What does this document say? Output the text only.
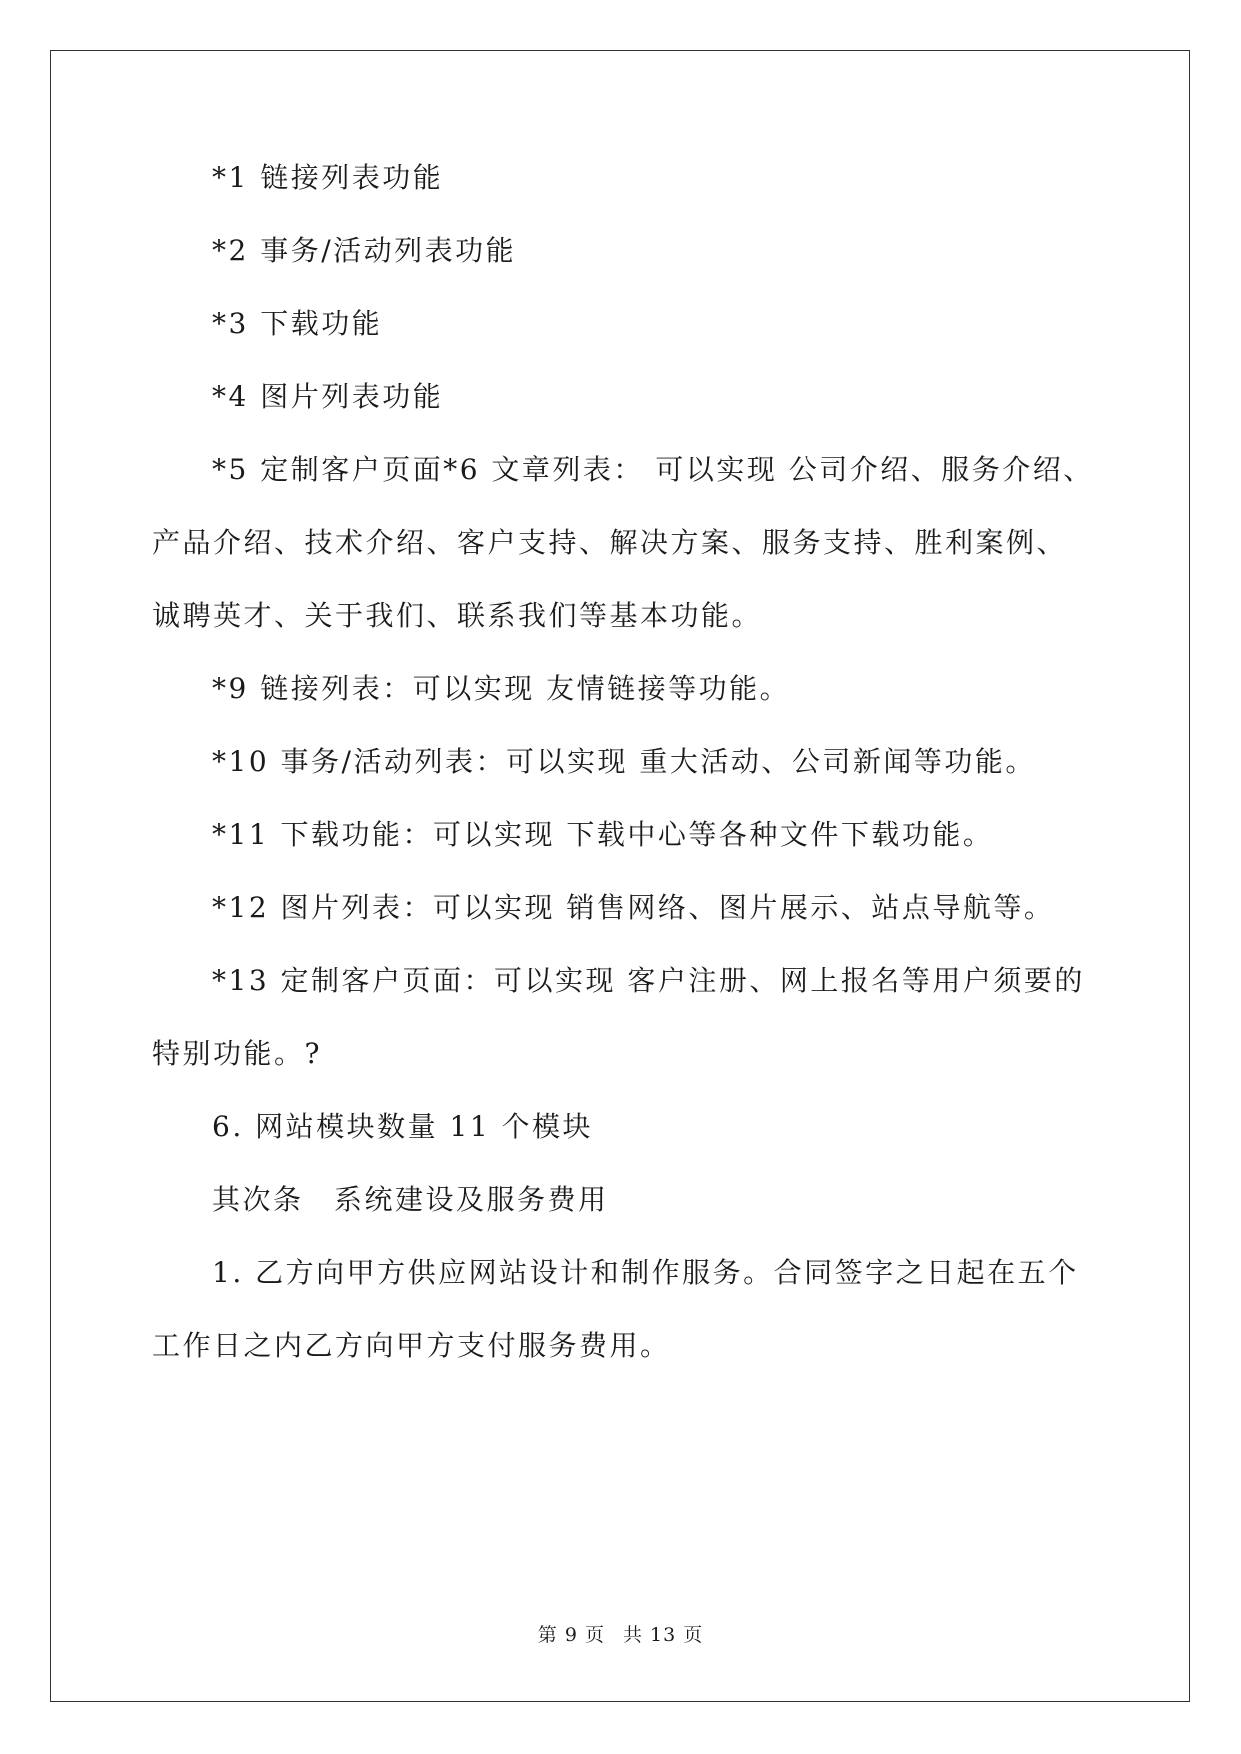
*1 链接列表功能
*2 事务/活动列表功能
*3 下载功能
*4 图片列表功能
*5 定制客户页面*6 文章列表： 可以实现 公司介绍、服务介绍、
产品介绍、技术介绍、客户支持、解决方案、服务支持、胜利案例、
诚聘英才、关于我们、联系我们等基本功能。
*9 链接列表：可以实现 友情链接等功能。
*10 事务/活动列表：可以实现 重大活动、公司新闻等功能。
*11 下载功能：可以实现 下载中心等各种文件下载功能。
*12 图片列表：可以实现 销售网络、图片展示、站点导航等。
*13 定制客户页面：可以实现 客户注册、网上报名等用户须要的
特别功能。?
6. 网站模块数量 11 个模块
其次条　系统建设及服务费用
1. 乙方向甲方供应网站设计和制作服务。合同签字之日起在五个
工作日之内乙方向甲方支付服务费用。
第 9 页 共 13 页
